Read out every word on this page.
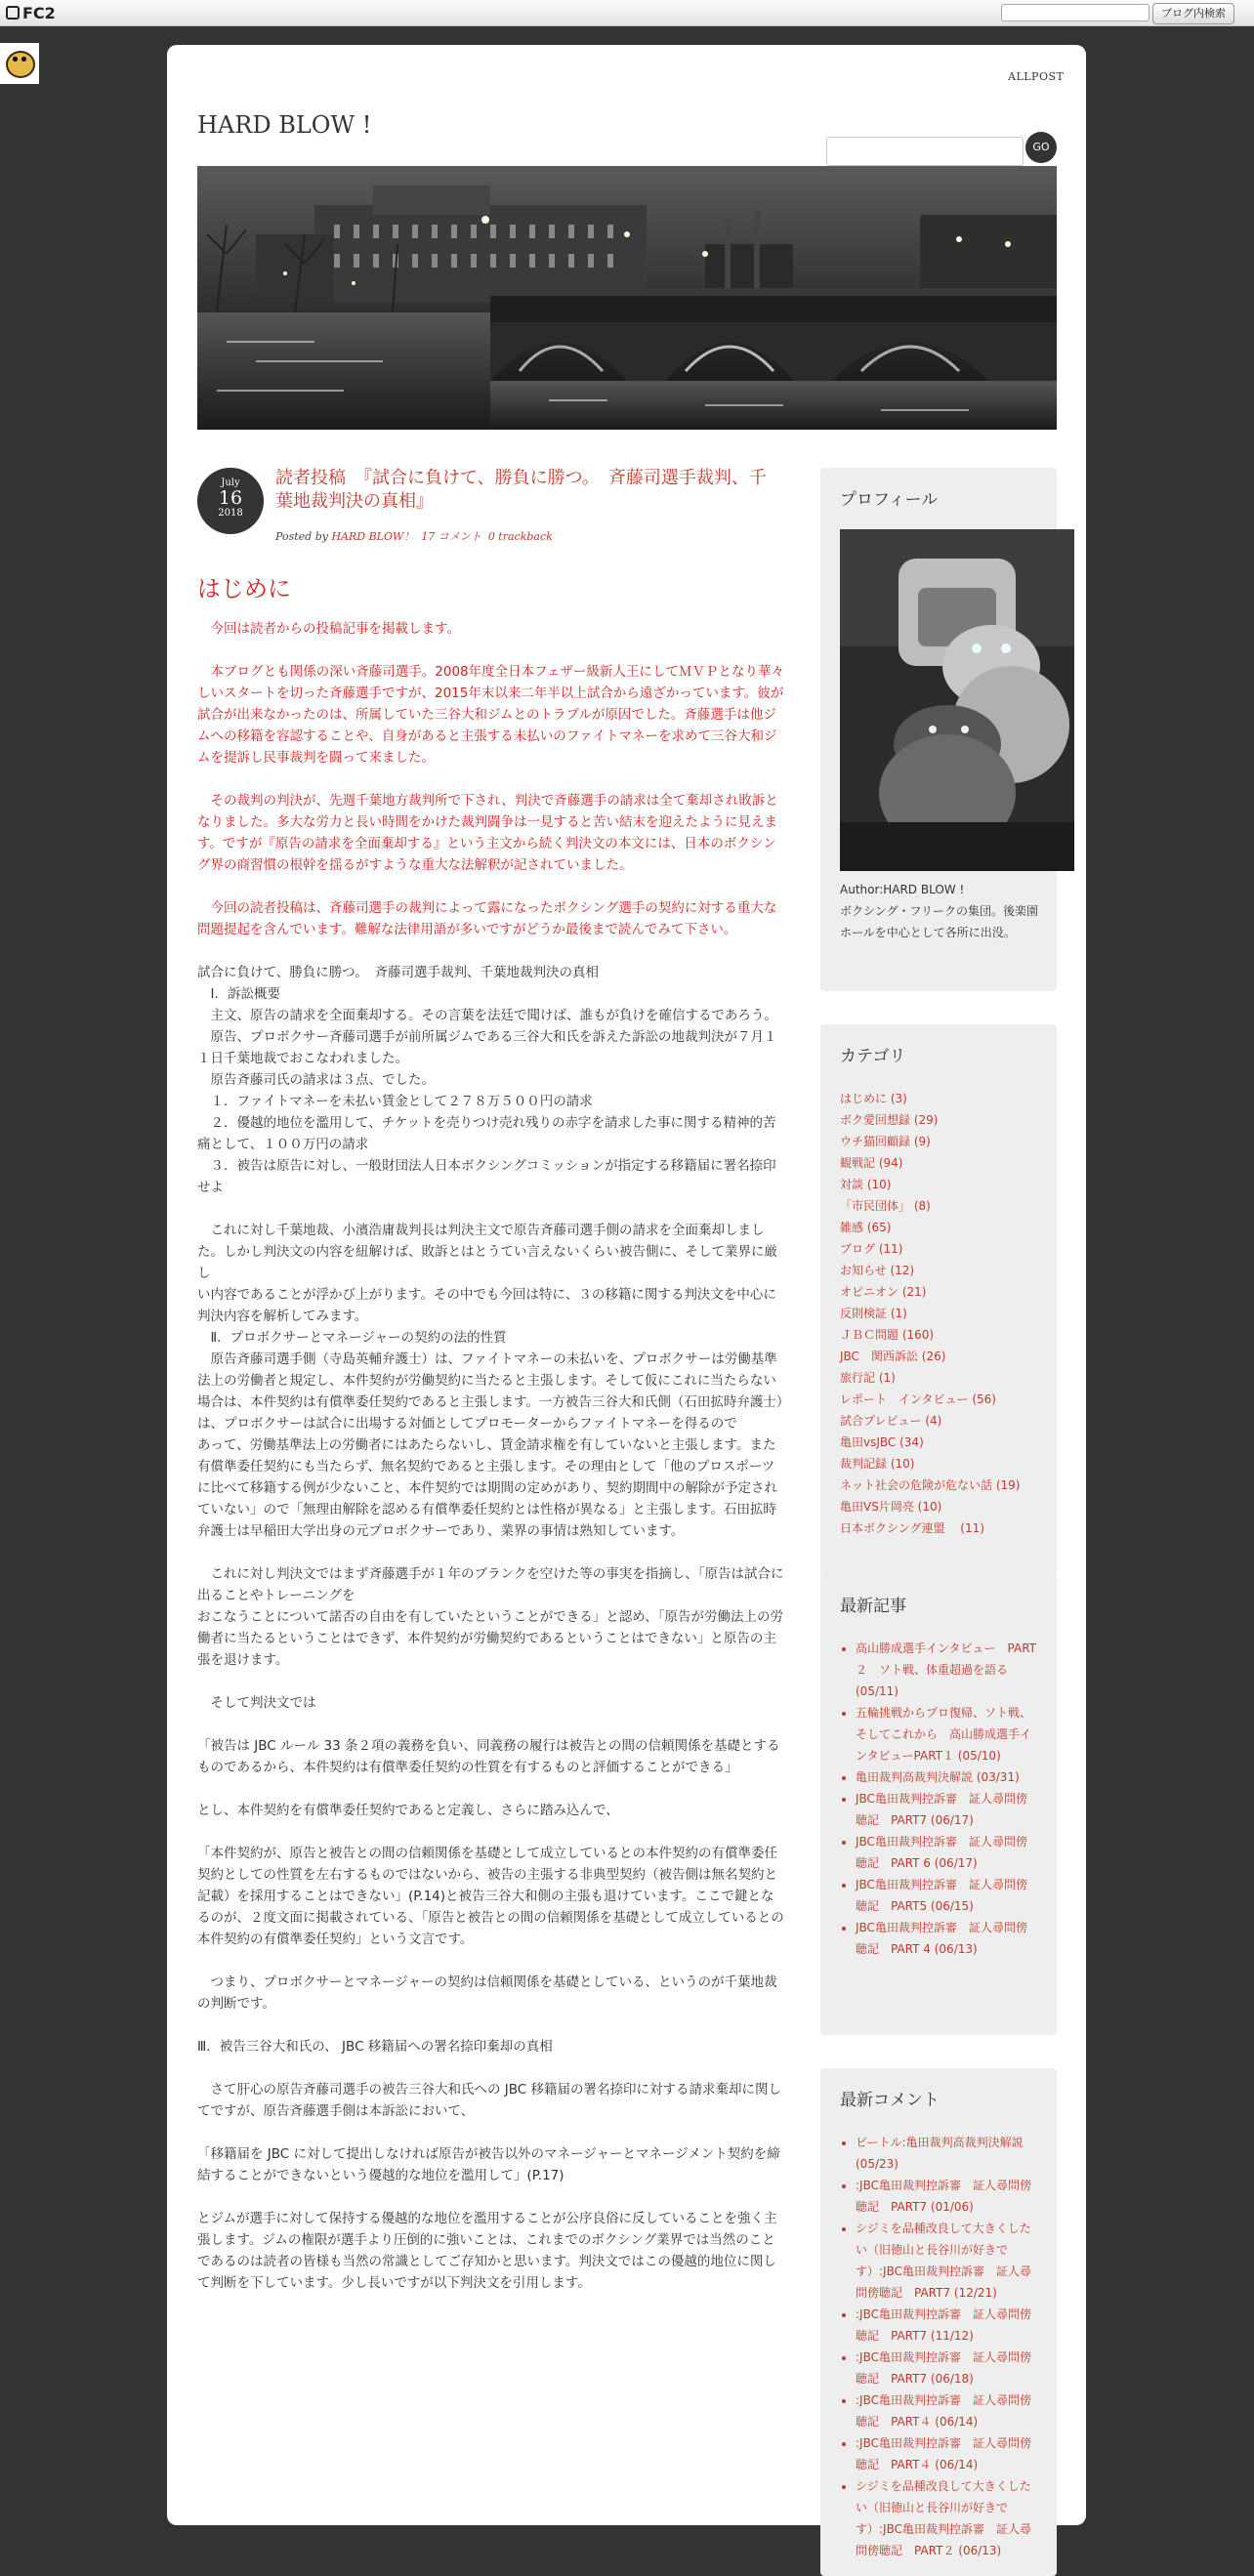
FC2	ブログ内検索
ALLPOST
HARD BLOW !
GO
July
16
2018
読者投稿　『試合に負けて、勝負に勝つ。　斉藤司選手裁判、千葉地裁判決の真相』
Posted by HARD BLOW！ 17 コメント 0 trackback
はじめに

　今回は読者からの投稿記事を掲載します。

　本ブログとも関係の深い斉藤司選手。2008年度全日本フェザー級新人王にしてＭＶＰとなり華々しいスタートを切った斉藤選手ですが、2015年末以来二年半以上試合から遠ざかっています。彼が試合が出来なかったのは、所属していた三谷大和ジムとのトラブルが原因でした。斉藤選手は他ジムへの移籍を容認することや、自身があると主張する未払いのファイトマネーを求めて三谷大和ジムを提訴し民事裁判を闘って来ました。

　その裁判の判決が、先週千葉地方裁判所で下され、判決で斉藤選手の請求は全て棄却され敗訴となりました。多大な労力と長い時間をかけた裁判闘争は一見すると苦い結末を迎えたように見えます。ですが『原告の請求を全面棄却する』という主文から続く判決文の本文には、日本のボクシング界の商習慣の根幹を揺るがすような重大な法解釈が記されていました。

　今回の読者投稿は、斉藤司選手の裁判によって露になったボクシング選手の契約に対する重大な問題提起を含んでいます。難解な法律用語が多いですがどうか最後まで読んでみて下さい。

試合に負けて、勝負に勝つ。　斉藤司選手裁判、千葉地裁判決の真相
　Ⅰ．訴訟概要
　主文、原告の請求を全面棄却する。その言葉を法廷で聞けば、誰もが負けを確信するであろう。
　原告、プロボクサー斉藤司選手が前所属ジムである三谷大和氏を訴えた訴訟の地裁判決が７月１１日千葉地裁でおこなわれました。
　原告斉藤司氏の請求は３点、でした。
　１．ファイトマネーを未払い賃金として２７８万５００円の請求
　２．優越的地位を濫用して、チケットを売りつけ売れ残りの赤字を請求した事に関する精神的苦痛として、１００万円の請求
　３．被告は原告に対し、一般財団法人日本ボクシングコミッションが指定する移籍届に署名捺印せよ

　これに対し千葉地裁、小濱浩庸裁判長は判決主文で原告斉藤司選手側の請求を全面棄却しまし
た。しかし判決文の内容を紐解けば、敗訴とはとうてい言えないくらい被告側に、そして業界に厳し
い内容であることが浮かび上がります。その中でも今回は特に、３の移籍に関する判決文を中心に
判決内容を解析してみます。
　Ⅱ．プロボクサーとマネージャーの契約の法的性質
　原告斉藤司選手側（寺島英輔弁護士）は、ファイトマネーの未払いを、プロボクサーは労働基準法上の労働者と規定し、本件契約が労働契約に当たると主張します。そして仮にこれに当たらない場合は、本件契約は有償準委任契約であると主張します。一方被告三谷大和氏側（石田拡時弁護士）は、プロボクサーは試合に出場する対価としてプロモーターからファイトマネーを得るので
あって、労働基準法上の労働者にはあたらないし、賃金請求権を有していないと主張します。また有償準委任契約にも当たらず、無名契約であると主張します。その理由として「他のプロスポーツに比べて移籍する例が少ないこと、本件契約では期間の定めがあり、契約期間中の解除が予定されていない」ので「無理由解除を認める有償準委任契約とは性格が異なる」と主張します。石田拡時弁護士は早稲田大学出身の元プロボクサーであり、業界の事情は熟知しています。

　これに対し判決文ではまず斉藤選手が１年のブランクを空けた等の事実を指摘し、「原告は試合に出ることやトレーニングを
おこなうことについて諾否の自由を有していたということができる」と認め、「原告が労働法上の労働者に当たるということはできず、本件契約が労働契約であるということはできない」と原告の主張を退けます。

　そして判決文では

「被告は JBC ルール 33 条２項の義務を負い、同義務の履行は被告との間の信頼関係を基礎とするものであるから、本件契約は有償準委任契約の性質を有するものと評価することができる」

とし、本件契約を有償準委任契約であると定義し、さらに踏み込んで、

「本件契約が、原告と被告との間の信頼関係を基礎として成立しているとの本件契約の有償準委任契約としての性質を左右するものではないから、被告の主張する非典型契約（被告側は無名契約と記載）を採用することはできない」(P.14)と被告三谷大和側の主張も退けています。ここで鍵となるのが、２度文面に掲載されている、「原告と被告との間の信頼関係を基礎として成立しているとの本件契約の有償準委任契約」という文言です。

　つまり、プロボクサーとマネージャーの契約は信頼関係を基礎としている、というのが千葉地裁の判断です。

Ⅲ．被告三谷大和氏の、 JBC 移籍届への署名捺印棄却の真相

　さて肝心の原告斉藤司選手の被告三谷大和氏への JBC 移籍届の署名捺印に対する請求棄却に関してですが、原告斉藤選手側は本訴訟において、

「移籍届を JBC に対して提出しなければ原告が被告以外のマネージャーとマネージメント契約を締結することができないという優越的な地位を濫用して」(P.17)

とジムが選手に対して保持する優越的な地位を濫用することが公序良俗に反していることを強く主張します。ジムの権限が選手より圧倒的に強いことは、これまでのボクシング業界では当然のことであるのは読者の皆様も当然の常識としてご存知かと思います。判決文ではこの優越的地位に関して判断を下しています。少し長いですが以下判決文を引用します。

プロフィール
Author:HARD BLOW !
ボクシング・フリークの集団。後楽園ホールを中心として各所に出没。
カテゴリ
はじめに (3)
ボク愛回想録 (29)
ウチ猫回顧録 (9)
観戦記 (94)
対談 (10)
「市民団体」 (8)
雑感 (65)
ブログ (11)
お知らせ (12)
オピニオン (21)
反則検証 (1)
ＪＢＣ問題 (160)
JBC　関西訴訟 (26)
旅行記 (1)
レポート　インタビュー (56)
試合プレビュー (4)
亀田vsJBC (34)
裁判記録 (10)
ネット社会の危険が危ない話 (19)
亀田VS片岡亮 (10)
日本ボクシング連盟　 (11)
最新記事
• 高山勝成選手インタビュー　PART２　ソト戦、体重超過を語る (05/11)
• 五輪挑戦からプロ復帰、ソト戦、そしてこれから　高山勝成選手インタビューPART１ (05/10)
• 亀田裁判高裁判決解説 (03/31)
• JBC亀田裁判控訴審　証人尋問傍聴記　PART7 (06/17)
• JBC亀田裁判控訴審　証人尋問傍聴記　PART 6 (06/17)
• JBC亀田裁判控訴審　証人尋問傍聴記　PART5 (06/15)
• JBC亀田裁判控訴審　証人尋問傍聴記　PART 4 (06/13)
最新コメント
• ビートル:亀田裁判高裁判決解説 (05/23)
• :JBC亀田裁判控訴審　証人尋問傍聴記　PART7 (01/06)
• シジミを品種改良して大きくしたい（旧徳山と長谷川が好きです）:JBC亀田裁判控訴審　証人尋問傍聴記　PART7 (12/21)
• :JBC亀田裁判控訴審　証人尋問傍聴記　PART7 (11/12)
• :JBC亀田裁判控訴審　証人尋問傍聴記　PART7 (06/18)
• :JBC亀田裁判控訴審　証人尋問傍聴記　PART４ (06/14)
• :JBC亀田裁判控訴審　証人尋問傍聴記　PART４ (06/14)
• シジミを品種改良して大きくしたい（旧徳山と長谷川が好きです）:JBC亀田裁判控訴審　証人尋問傍聴記　PART２ (06/13)
